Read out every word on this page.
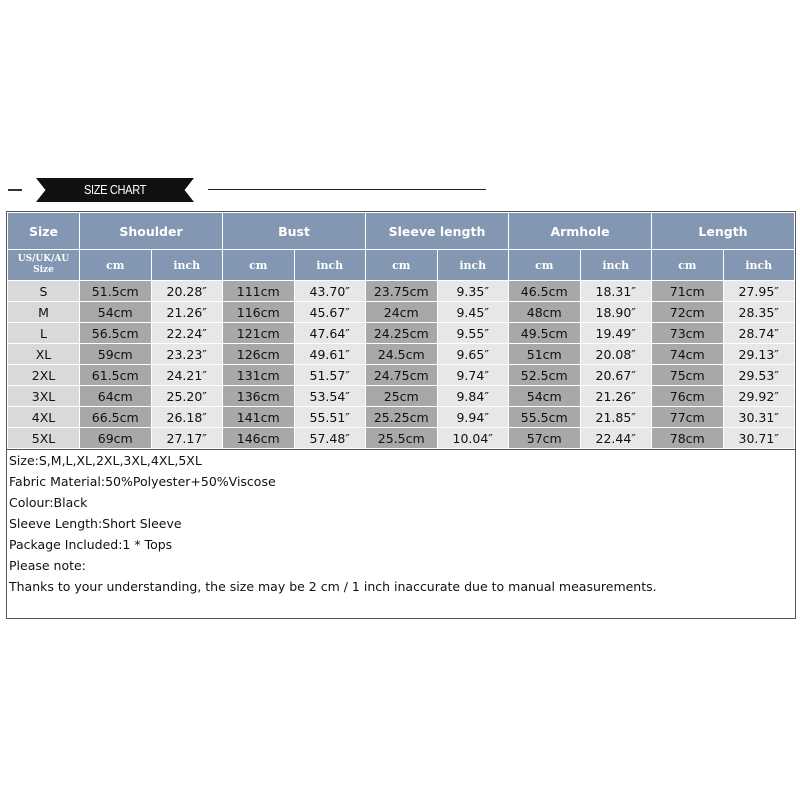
SIZE CHART
Size	Shoulder		Bust		Sleeve length		Armhole		Length	
US/UK/AU
Size	cm	inch	cm	inch	cm	inch	cm	inch	cm	inch
S	51.5cm	20.28″	111cm	43.70″	23.75cm	9.35″	46.5cm	18.31″	71cm	27.95″
M	54cm	21.26″	116cm	45.67″	24cm	9.45″	48cm	18.90″	72cm	28.35″
L	56.5cm	22.24″	121cm	47.64″	24.25cm	9.55″	49.5cm	19.49″	73cm	28.74″
XL	59cm	23.23″	126cm	49.61″	24.5cm	9.65″	51cm	20.08″	74cm	29.13″
2XL	61.5cm	24.21″	131cm	51.57″	24.75cm	9.74″	52.5cm	20.67″	75cm	29.53″
3XL	64cm	25.20″	136cm	53.54″	25cm	9.84″	54cm	21.26″	76cm	29.92″
4XL	66.5cm	26.18″	141cm	55.51″	25.25cm	9.94″	55.5cm	21.85″	77cm	30.31″
5XL	69cm	27.17″	146cm	57.48″	25.5cm	10.04″	57cm	22.44″	78cm	30.71″
Size:S,M,L,XL,2XL,3XL,4XL,5XL
Fabric Material:50%Polyester+50%Viscose
Colour:Black
Sleeve Length:Short Sleeve
Package Included:1 * Tops
Please note:
Thanks to your understanding, the size may be 2 cm / 1 inch inaccurate due to manual measurements.
